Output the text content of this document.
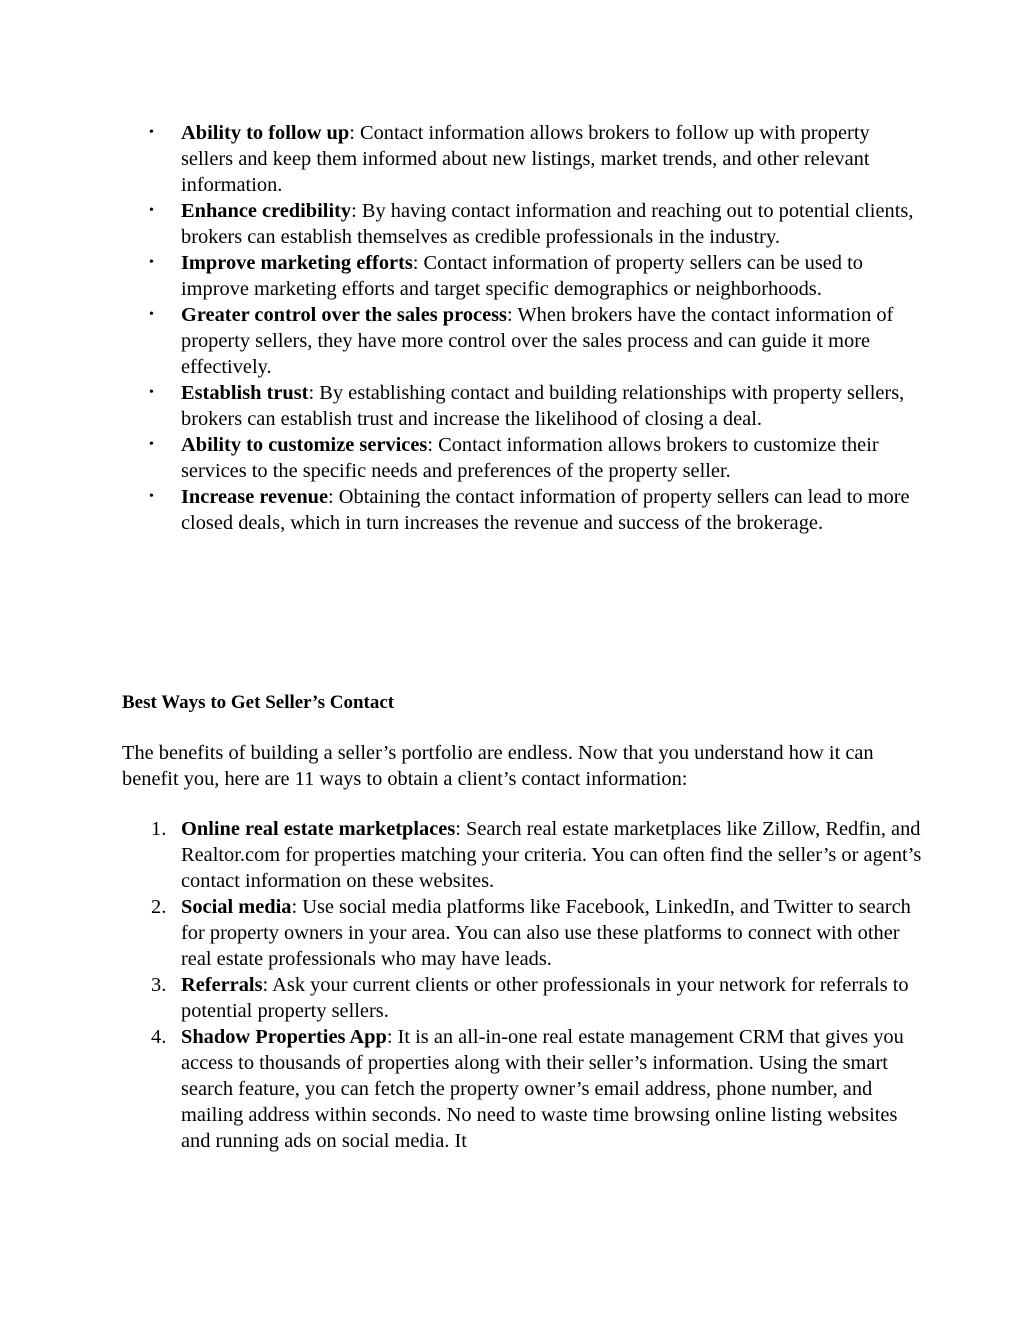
• Ability to follow up: Contact information allows brokers to follow up with property sellers and keep them informed about new listings, market trends, and other relevant information.
• Enhance credibility: By having contact information and reaching out to potential clients, brokers can establish themselves as credible professionals in the industry.
• Improve marketing efforts: Contact information of property sellers can be used to improve marketing efforts and target specific demographics or neighborhoods.
• Greater control over the sales process: When brokers have the contact information of property sellers, they have more control over the sales process and can guide it more effectively.
• Establish trust: By establishing contact and building relationships with property sellers, brokers can establish trust and increase the likelihood of closing a deal.
• Ability to customize services: Contact information allows brokers to customize their services to the specific needs and preferences of the property seller.
• Increase revenue: Obtaining the contact information of property sellers can lead to more closed deals, which in turn increases the revenue and success of the brokerage.
Best Ways to Get Seller’s Contact

The benefits of building a seller’s portfolio are endless. Now that you understand how it can benefit you, here are 11 ways to obtain a client’s contact information:

1. Online real estate marketplaces: Search real estate marketplaces like Zillow, Redfin, and Realtor.com for properties matching your criteria. You can often find the seller’s or agent’s contact information on these websites.
2. Social media: Use social media platforms like Facebook, LinkedIn, and Twitter to search for property owners in your area. You can also use these platforms to connect with other real estate professionals who may have leads.
3. Referrals: Ask your current clients or other professionals in your network for referrals to potential property sellers.
4. Shadow Properties App: It is an all-in-one real estate management CRM that gives you access to thousands of properties along with their seller’s information. Using the smart search feature, you can fetch the property owner’s email address, phone number, and mailing address within seconds. No need to waste time browsing online listing websites and running ads on social media. It
